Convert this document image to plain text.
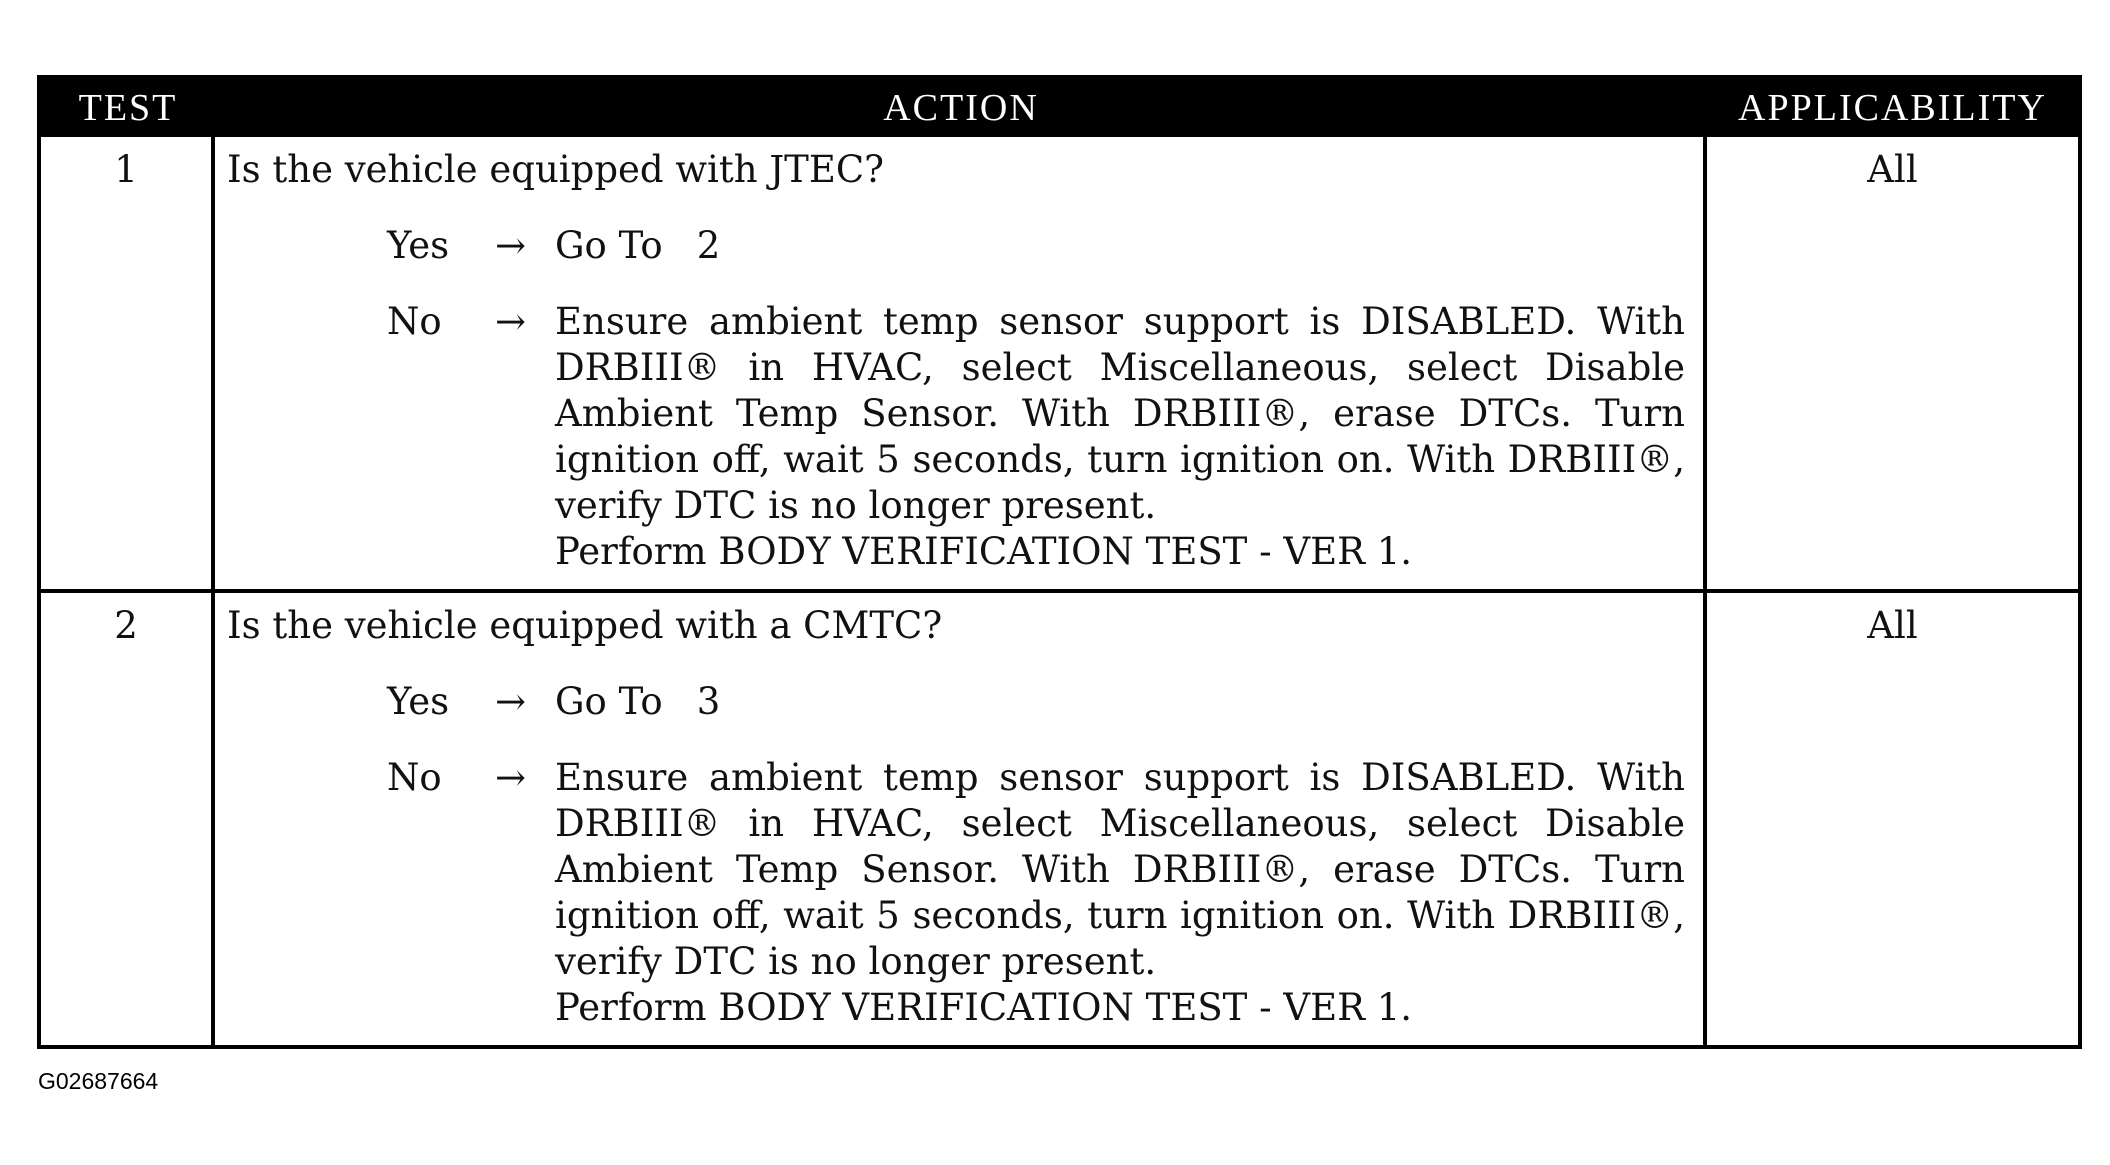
TEST	ACTION	APPLICABILITY
1	Is the vehicle equipped with JTEC?

Yes	→ Go To 2
No	→ Ensure ambient temp sensor support is DISABLED. With DRBIII® in HVAC, select Miscellaneous, select Disable Ambient Temp Sensor. With DRBIII®, erase DTCs. Turn ignition off, wait 5 seconds, turn ignition on. With DRBIII®, verify DTC is no longer present.
Perform BODY VERIFICATION TEST - VER 1.
All
2	Is the vehicle equipped with a CMTC?

Yes	→ Go To 3
No	→ Ensure ambient temp sensor support is DISABLED. With DRBIII® in HVAC, select Miscellaneous, select Disable Ambient Temp Sensor. With DRBIII®, erase DTCs. Turn ignition off, wait 5 seconds, turn ignition on. With DRBIII®, verify DTC is no longer present.
Perform BODY VERIFICATION TEST - VER 1.
All
G02687664
